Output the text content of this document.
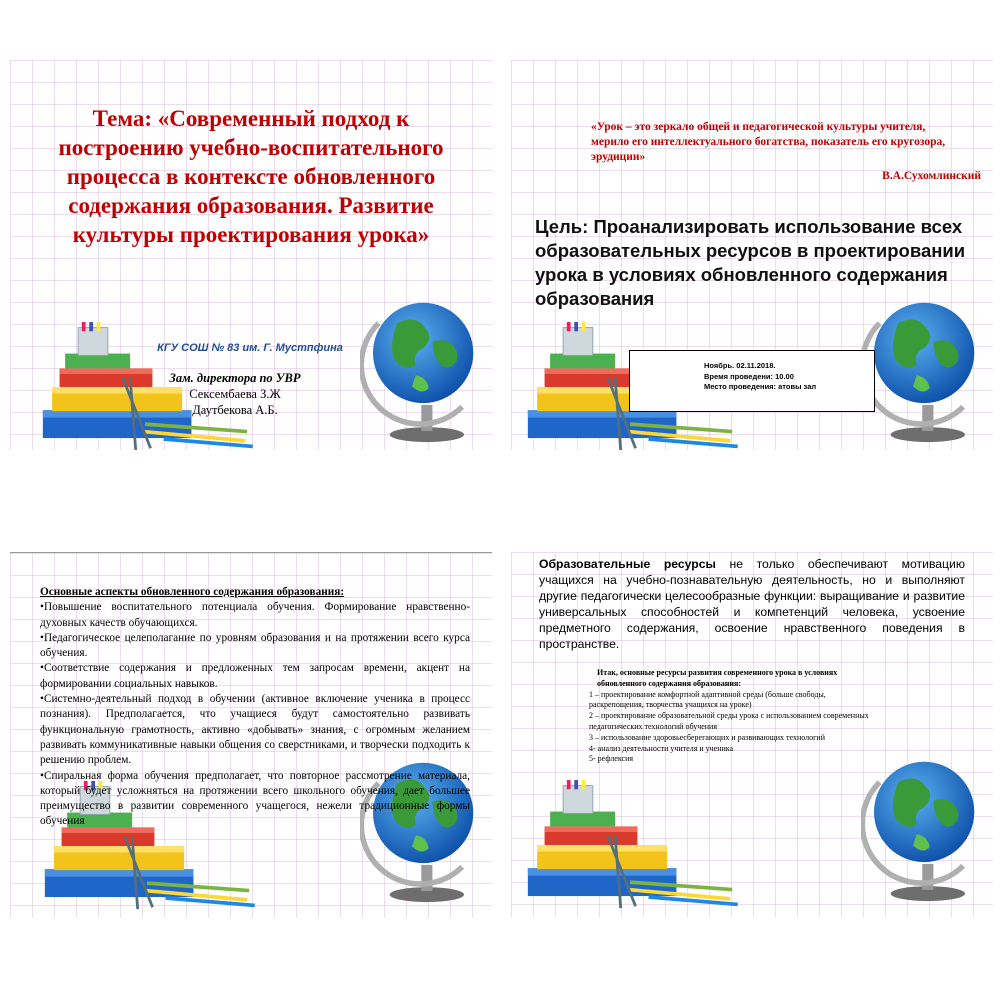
Тема: «Современный подход к построению учебно-воспитательного процесса в контексте обновленного содержания образования. Развитие культуры проектирования урока»
КГУ СОШ № 83 им. Г. Мустпфина
Зам. директора по УВР
Сексембаева З.Ж
Даутбекова А.Б.
«Урок – это зеркало общей и педагогической культуры учителя, мерило его интеллектуального богатства, показатель его кругозора, эрудиции»
В.А.Сухомлинский
Цель: Проанализировать использование всех образовательных ресурсов в проектировании урока в условиях обновленного содержания образования
Ноябрь. 02.11.2018.
Время проведени: 10.00
Место проведения: атовы зал

Основные аспекты обновленного содержания образования:

•Повышение воспитательного потенциала обучения. Формирование нравственно- духовных качеств обучающихся.

•Педагогическое целеполагание по уровням образования и на протяжении всего курса обучения.

•Соответствие содержания и предложенных тем запросам времени, акцент на формировании социальных навыков.

•Системно-деятельный подход в обучении (активное включение ученика в процесс познания). Предполагается, что учащиеся будут самостоятельно развивать функциональную грамотность, активно «добывать» знания, с огромным желанием развивать коммуникативные навыки общения со сверстниками, и творчески подходить к решению проблем.

•Спиральная форма обучения предполагает, что повторное рассмотрение материала, который будет усложняться на протяжении всего школьного обучения, дает большее преимущество в развитии современного учащегося, нежели традиционные формы обучения

Образовательные ресурсы не только обеспечивают мотивацию учащихся на учебно-познавательную деятельность, но и выполняют другие педагогически целесообразные функции: выращивание и развитие универсальных способностей и компетенций человека, усвоение предметного содержания, освоение нравственного поведения в пространстве.

Итак, основные ресурсы развития современного урока в условиях обновленного содержания образования:

1 – проектирование комфортной адаптивной среды (больше свободы, раскрепощения, творчества учащихся на уроке)

2 – проектирование образовательной среды урока с использованием современных педагогических технологий обучения

3 – использование здоровьесберегающих и развивающих технологий

4- анализ деятельности учителя и ученика

5- рефлексия
